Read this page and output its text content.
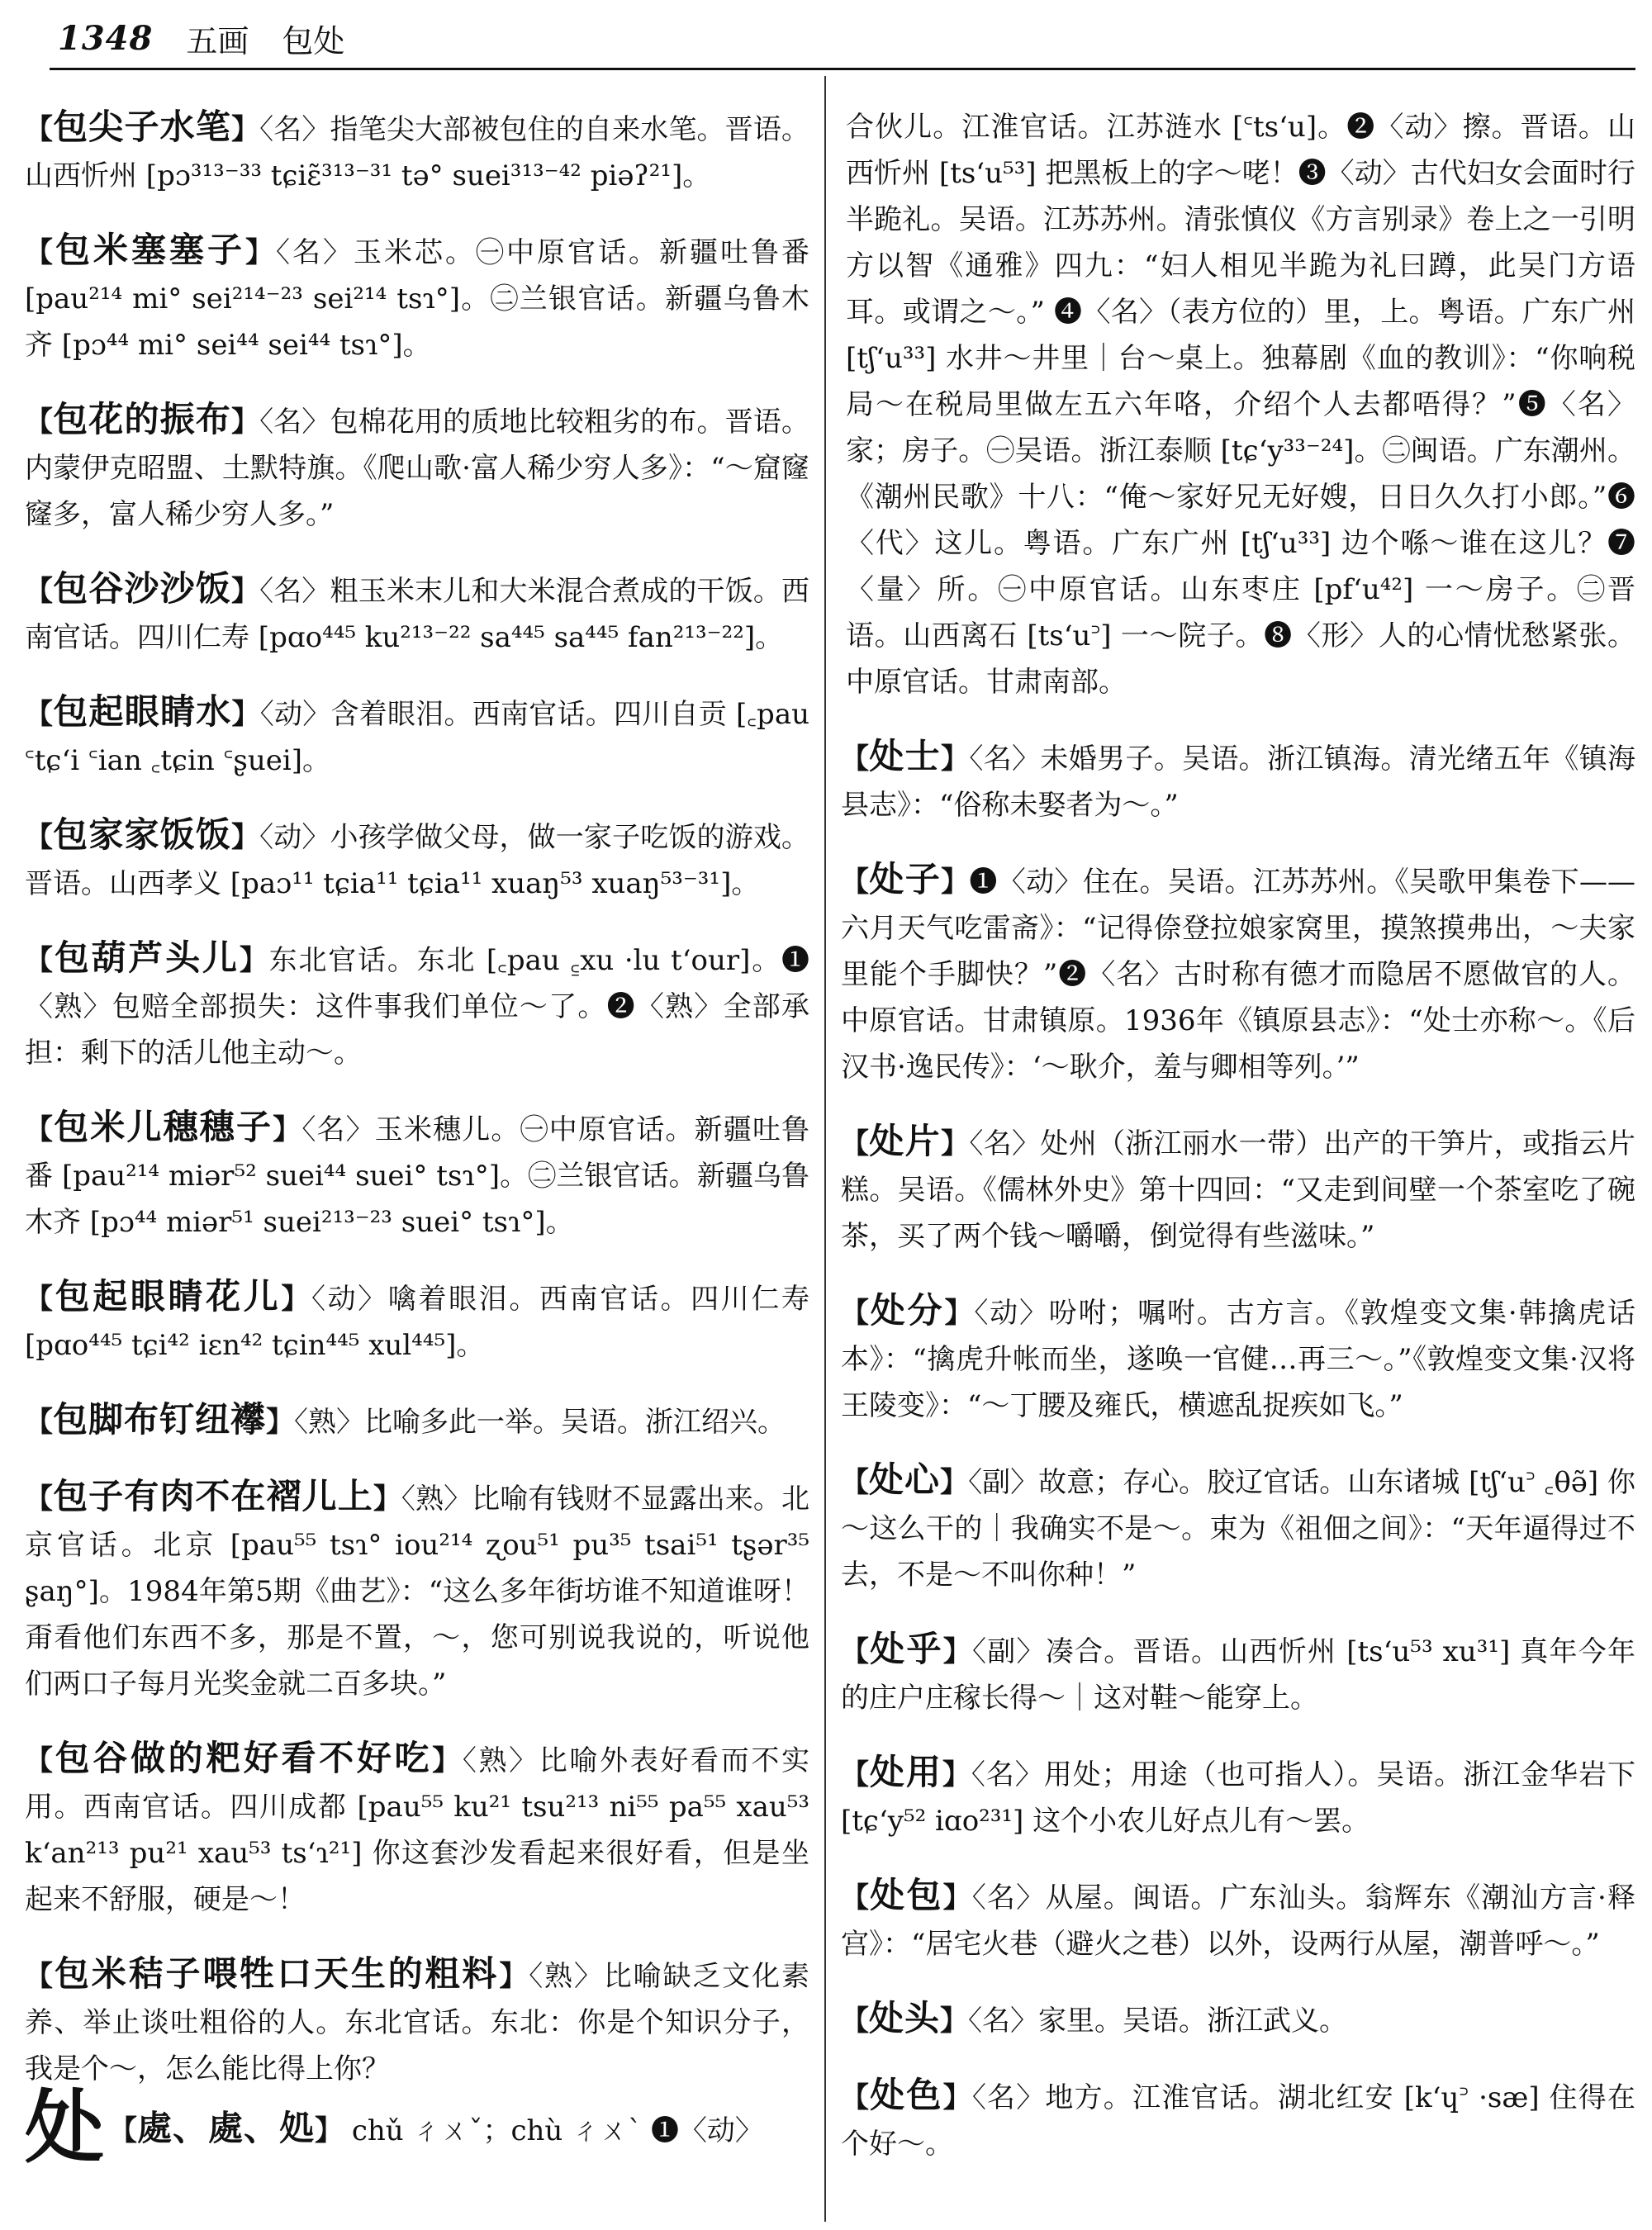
1348 五画 包处

【包尖子水笔】〈名〉指笔尖大部被包住的自来水笔。晋语。山西忻州 [pɔ³¹³⁻³³ tɕiɛ̃³¹³⁻³¹ tə° suei³¹³⁻⁴² piəʔ²¹]。

【包米塞塞子】〈名〉玉米芯。㊀中原官话。新疆吐鲁番 [pau²¹⁴ mi° sei²¹⁴⁻²³ sei²¹⁴ tsɿ°]。㊁兰银官话。新疆乌鲁木齐 [pɔ⁴⁴ mi° sei⁴⁴ sei⁴⁴ tsɿ°]。

【包花的振布】〈名〉包棉花用的质地比较粗劣的布。晋语。内蒙伊克昭盟、土默特旗。《爬山歌·富人稀少穷人多》：“～窟窿窿多，富人稀少穷人多。”

【包谷沙沙饭】〈名〉粗玉米末儿和大米混合煮成的干饭。西南官话。四川仁寿 [pɑo⁴⁴⁵ ku²¹³⁻²² sa⁴⁴⁵ sa⁴⁴⁵ fan²¹³⁻²²]。

【包起眼睛水】〈动〉含着眼泪。西南官话。四川自贡 [꜀pau ꜂tɕʻi ꜂ian ꜀tɕin ꜂ʂuei]。

【包家家饭饭】〈动〉小孩学做父母，做一家子吃饭的游戏。晋语。山西孝义 [paɔ¹¹ tɕia¹¹ tɕia¹¹ xuaŋ⁵³ xuaŋ⁵³⁻³¹]。

【包葫芦头儿】东北官话。东北 [꜀pau ꜁xu ·lu tʻour]。❶〈熟〉包赔全部损失：这件事我们单位～了。❷〈熟〉全部承担：剩下的活儿他主动～。

【包米儿穗穗子】〈名〉玉米穗儿。㊀中原官话。新疆吐鲁番 [pau²¹⁴ miər⁵² suei⁴⁴ suei° tsɿ°]。㊁兰银官话。新疆乌鲁木齐 [pɔ⁴⁴ miər⁵¹ suei²¹³⁻²³ suei° tsɿ°]。

【包起眼睛花儿】〈动〉噙着眼泪。西南官话。四川仁寿 [pɑo⁴⁴⁵ tɕi⁴² iɛn⁴² tɕin⁴⁴⁵ xul⁴⁴⁵]。

【包脚布钉纽襻】〈熟〉比喻多此一举。吴语。浙江绍兴。

【包子有肉不在褶儿上】〈熟〉比喻有钱财不显露出来。北京官话。北京 [pau⁵⁵ tsɿ° iou²¹⁴ ʐou⁵¹ pu³⁵ tsai⁵¹ tʂər³⁵ ʂaŋ°]。1984年第5期《曲艺》：“这么多年街坊谁不知道谁呀！甭看他们东西不多，那是不置，～，您可别说我说的，听说他们两口子每月光奖金就二百多块。”

【包谷做的粑好看不好吃】〈熟〉比喻外表好看而不实用。西南官话。四川成都 [pau⁵⁵ ku²¹ tsu²¹³ ni⁵⁵ pa⁵⁵ xau⁵³ kʻan²¹³ pu²¹ xau⁵³ tsʻɿ²¹] 你这套沙发看起来很好看，但是坐起来不舒服，硬是～！

【包米秸子喂牲口天生的粗料】〈熟〉比喻缺乏文化素养、举止谈吐粗俗的人。东北官话。东北：你是个知识分子，我是个～，怎么能比得上你？

处 【處、處、処】 chǔ ㄔㄨˇ；chù ㄔㄨˋ ❶〈动〉

合伙儿。江淮官话。江苏涟水 [꜂tsʻu]。❷〈动〉擦。晋语。山西忻州 [tsʻu⁵³] 把黑板上的字～咾！❸〈动〉古代妇女会面时行半跪礼。吴语。江苏苏州。清张慎仪《方言别录》卷上之一引明方以智《通雅》四九：“妇人相见半跪为礼曰蹲，此吴门方语耳。或谓之～。” ❹〈名〉（表方位的）里，上。粤语。广东广州 [tʃʻu³³] 水井～井里｜台～桌上。独幕剧《血的教训》：“你响税局～在税局里做左五六年咯，介绍个人去都唔得？”❺〈名〉家；房子。㊀吴语。浙江泰顺 [tɕʻy³³⁻²⁴]。㊁闽语。广东潮州。《潮州民歌》十八：“俺～家好兄无好嫂，日日久久打小郎。”❻〈代〉这儿。粤语。广东广州 [tʃʻu³³] 边个喺～谁在这儿？❼〈量〉所。㊀中原官话。山东枣庄 [pfʻu⁴²] 一～房子。㊁晋语。山西离石 [tsʻu꜄] 一～院子。❽〈形〉人的心情忧愁紧张。中原官话。甘肃南部。

【处士】〈名〉未婚男子。吴语。浙江镇海。清光绪五年《镇海县志》：“俗称未娶者为～。”

【处子】❶〈动〉住在。吴语。江苏苏州。《吴歌甲集卷下——六月天气吃雷斋》：“记得倷登拉娘家窝里，摸煞摸弗出，～夫家里能个手脚快？”❷〈名〉古时称有德才而隐居不愿做官的人。中原官话。甘肃镇原。1936年《镇原县志》：“处士亦称～。《后汉书·逸民传》：‘～耿介，羞与卿相等列。’”

【处片】〈名〉处州（浙江丽水一带）出产的干笋片，或指云片糕。吴语。《儒林外史》第十四回：“又走到间壁一个茶室吃了碗茶，买了两个钱～嚼嚼，倒觉得有些滋味。”

【处分】〈动〉吩咐；嘱咐。古方言。《敦煌变文集·韩擒虎话本》：“擒虎升帐而坐，遂唤一官健…再三～。”《敦煌变文集·汉将王陵变》：“～丁腰及雍氏，横遮乱捉疾如飞。”

【处心】〈副〉故意；存心。胶辽官话。山东诸城 [tʃʻu꜄ ꜀θə̃] 你～这么干的｜我确实不是～。束为《祖佃之间》：“天年逼得过不去，不是～不叫你种！”

【处乎】〈副〉凑合。晋语。山西忻州 [tsʻu⁵³ xu³¹] 真年今年的庄户庄稼长得～｜这对鞋～能穿上。

【处用】〈名〉用处；用途（也可指人）。吴语。浙江金华岩下 [tɕʻy⁵² iɑo²³¹] 这个小农儿好点儿有～罢。

【处包】〈名〉从屋。闽语。广东汕头。翁辉东《潮汕方言·释宫》：“居宅火巷（避火之巷）以外，设两行从屋，潮普呼～。”

【处头】〈名〉家里。吴语。浙江武义。

【处色】〈名〉地方。江淮官话。湖北红安 [kʻɥ꜄ ·sæ] 住得在个好～。
